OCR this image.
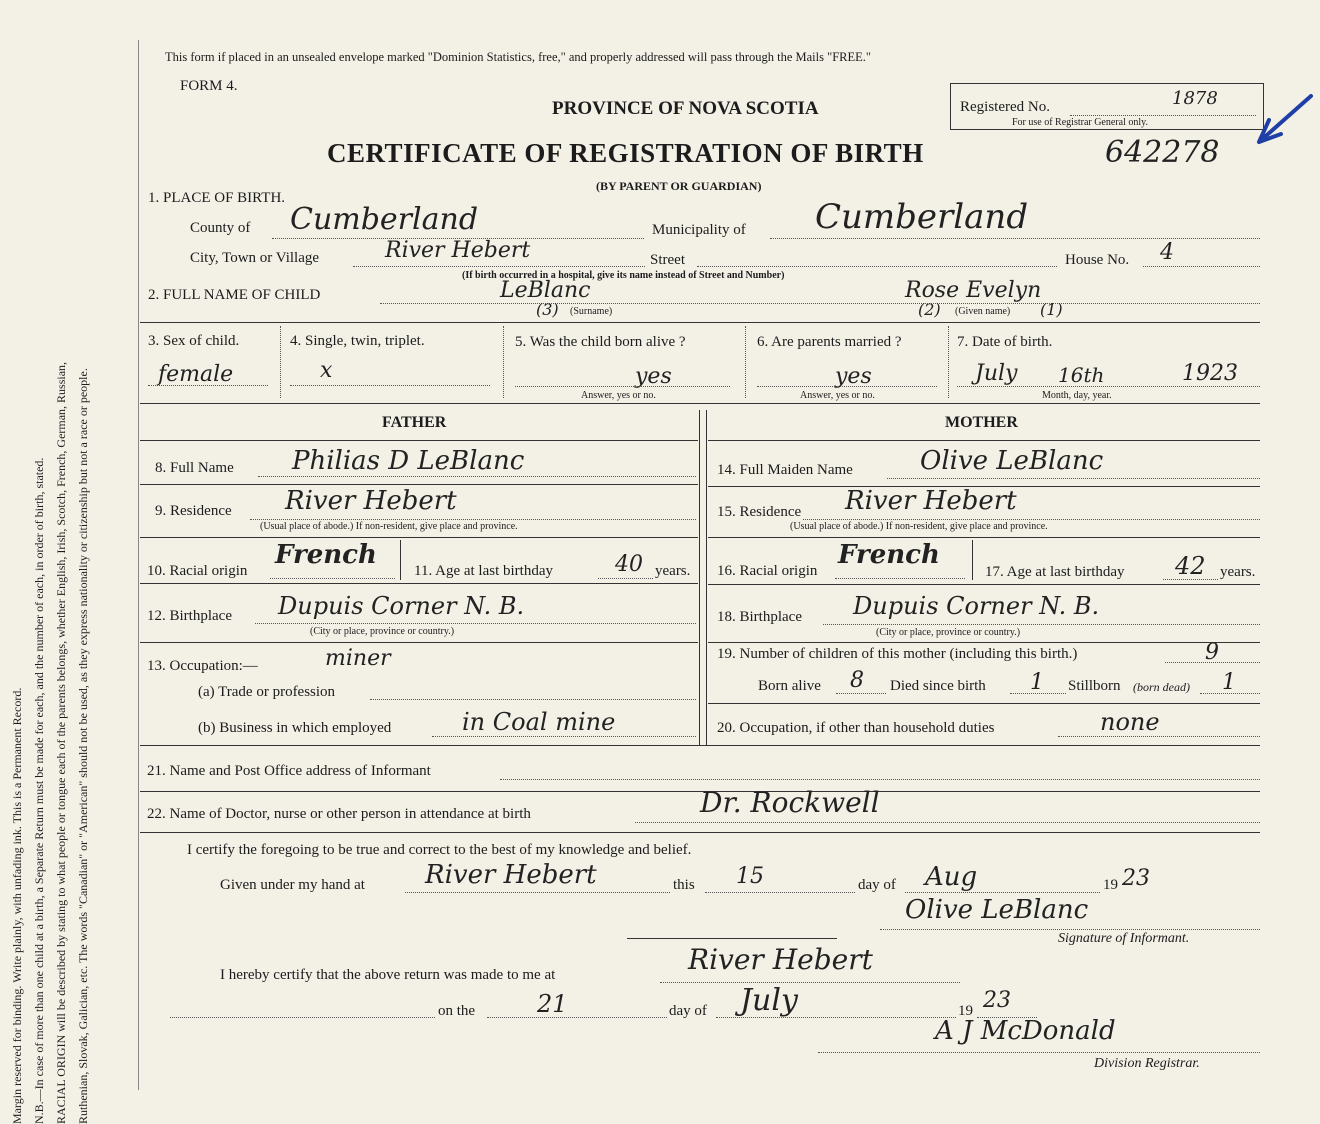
Margin reserved for binding. Write plainly, with unfading ink. This is a Permanent Record. N.B.—In case of more than one child at a birth, a Separate Return must be made for each, and the number of each, in order of birth, stated. RACIAL ORIGIN will be described by stating to what people or tongue each of the parents belongs, whether English, Irish, Scotch, French, German, Russian, Ruthenian, Slovak, Galician, etc. The words "Canadian" or "American" should not be used, as they express nationality or citizenship but not a race or people.
This form if placed in an unsealed envelope marked "Dominion Statistics, free," and properly addressed will pass through the Mails "FREE."
FORM 4.
PROVINCE OF NOVA SCOTIA	Registered No.	1878
For use of Registrar General only.
CERTIFICATE OF REGISTRATION OF BIRTH	642278
(BY PARENT OR GUARDIAN)
1. PLACE OF BIRTH.
County of Cumberland	Municipality of Cumberland
City, Town or Village	River Hebert	Street	House No. 4
(If birth occurred in a hospital, give its name instead of Street and Number)
2. FULL NAME OF CHILD	LeBlanc
(3) (Surname)
Rose Evelyn
(2) (Given name) (1)
3. Sex of child.
female
4. Single, twin, triplet.
x
5. Was the child born alive ?
yes
Answer, yes or no.
6. Are parents married ?
yes
Answer, yes or no.
7. Date of birth.
July 16th	1923
Month, day, year.
FATHER	MOTHER
8. Full Name Philias D LeBlanc
9. Residence River Hebert
(Usual place of abode.) If non-resident, give place and province.
10. Racial origin
French
11. Age at last birthday	40 years.
12. Birthplace Dupuis Corner N. B.
(City or place, province or country.)
13. Occupation:—	miner
(a) Trade or profession
(b) Business in which employed	in Coal mine
14. Full Maiden Name	Olive LeBlanc
15. Residence River Hebert
(Usual place of abode.) If non-resident, give place and province.
16. Racial origin
French
17. Age at last birthday 42 years.
18. Birthplace Dupuis Corner N. B.
(City or place, province or country.)
19. Number of children of this mother (including this birth.)	9
Born alive 8 Died since birth 1 Stillborn (born dead) 1
20. Occupation, if other than household duties	none
21. Name and Post Office address of Informant
22. Name of Doctor, nurse or other person in attendance at birth	Dr. Rockwell
I certify the foregoing to be true and correct to the best of my knowledge and belief.
Given under my hand at River Hebert	this 15	day of Aug	19 23
Olive LeBlanc
Signature of Informant.
I hereby certify that the above return was made to me at	River Hebert
on the	21	day of July	19 23
A J McDonald
Division Registrar.
